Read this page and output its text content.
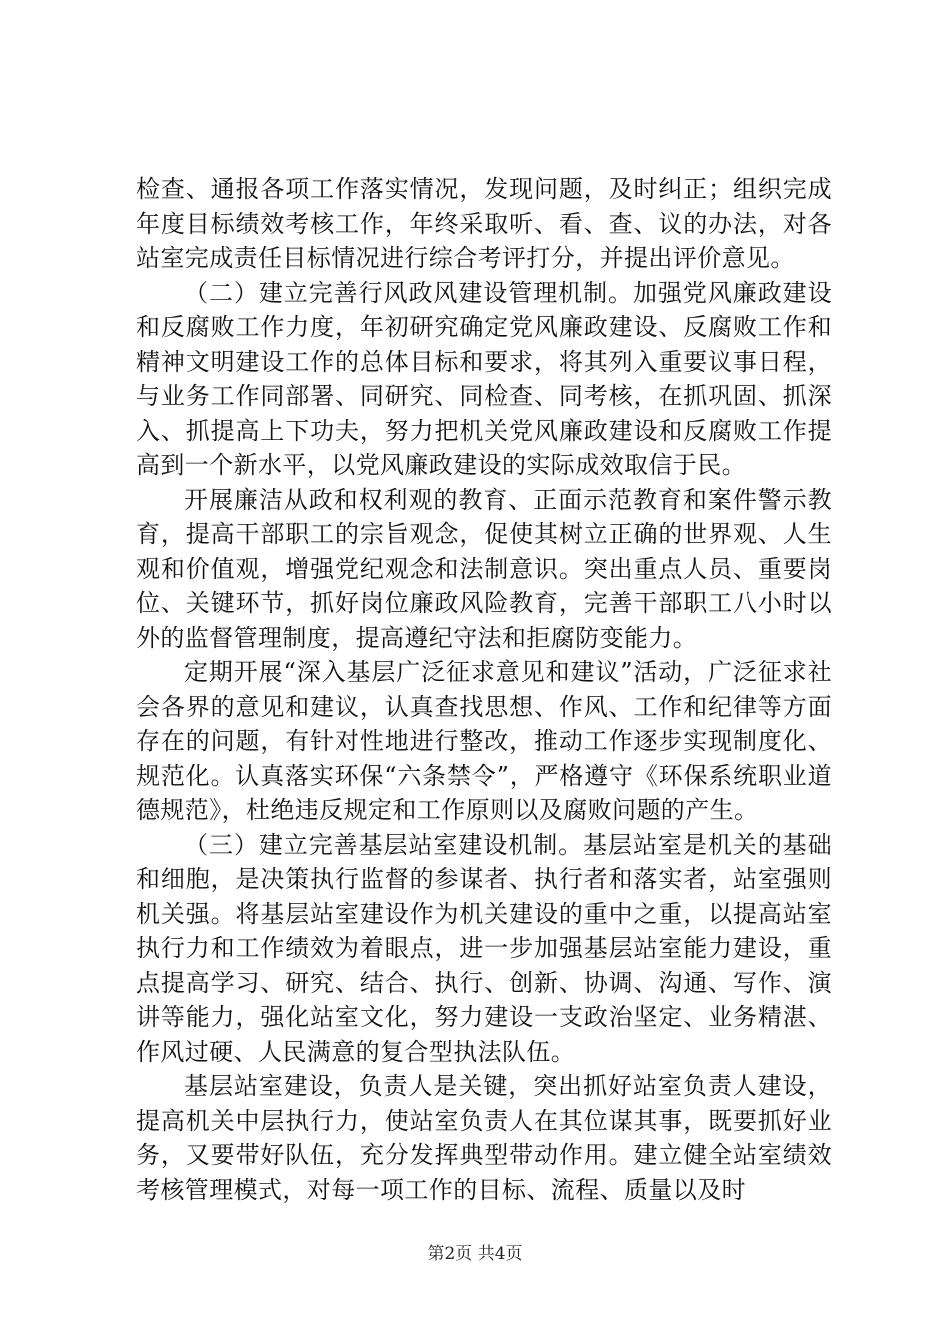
检查、通报各项工作落实情况，发现问题，及时纠正；组织完成年度目标绩效考核工作，年终采取听、看、查、议的办法，对各站室完成责任目标情况进行综合考评打分，并提出评价意见。

（二）建立完善行风政风建设管理机制。加强党风廉政建设和反腐败工作力度，年初研究确定党风廉政建设、反腐败工作和精神文明建设工作的总体目标和要求，将其列入重要议事日程，与业务工作同部署、同研究、同检查、同考核，在抓巩固、抓深入、抓提高上下功夫，努力把机关党风廉政建设和反腐败工作提高到一个新水平，以党风廉政建设的实际成效取信于民。

开展廉洁从政和权利观的教育、正面示范教育和案件警示教育，提高干部职工的宗旨观念，促使其树立正确的世界观、人生观和价值观，增强党纪观念和法制意识。突出重点人员、重要岗位、关键环节，抓好岗位廉政风险教育，完善干部职工八小时以外的监督管理制度，提高遵纪守法和拒腐防变能力。

定期开展“深入基层广泛征求意见和建议”活动，广泛征求社会各界的意见和建议，认真查找思想、作风、工作和纪律等方面存在的问题，有针对性地进行整改，推动工作逐步实现制度化、规范化。认真落实环保“六条禁令”，严格遵守《环保系统职业道德规范》，杜绝违反规定和工作原则以及腐败问题的产生。

（三）建立完善基层站室建设机制。基层站室是机关的基础和细胞，是决策执行监督的参谋者、执行者和落实者，站室强则机关强。将基层站室建设作为机关建设的重中之重，以提高站室执行力和工作绩效为着眼点，进一步加强基层站室能力建设，重点提高学习、研究、结合、执行、创新、协调、沟通、写作、演讲等能力，强化站室文化，努力建设一支政治坚定、业务精湛、作风过硬、人民满意的复合型执法队伍。

基层站室建设，负责人是关键，突出抓好站室负责人建设，提高机关中层执行力，使站室负责人在其位谋其事，既要抓好业务，又要带好队伍，充分发挥典型带动作用。建立健全站室绩效考核管理模式，对每一项工作的目标、流程、质量以及时

第2页 共4页
